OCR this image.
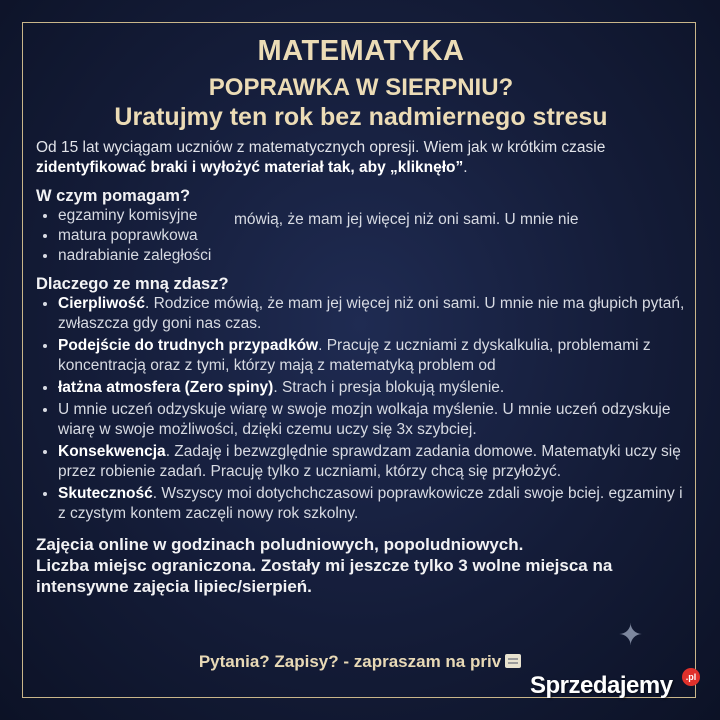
MATEMATYKA
POPRAWKA W SIERPNIU?
Uratujmy ten rok bez nadmiernego stresu

Od 15 lat wyciągam uczniów z matematycznych opresji. Wiem jak w krótkim czasie zidentyfikować braki i wyłożyć materiał tak, aby „kliknęło”.

W czym pomagam?

• egzaminy komisyjne
• matura poprawkowa
• nadrabianie zaległości
mówią, że mam jej więcej niż oni sami. U mnie nie

Dlaczego ze mną zdasz?

• Cierpliwość. Rodzice mówią, że mam jej więcej niż oni sami. U mnie nie ma głupich pytań, zwłaszcza gdy goni nas czas.
• Podejście do trudnych przypadków. Pracuję z uczniami z dyskalkulia, problemami z koncentracją oraz z tymi, którzy mają z matematyką problem od
• łatżna atmosfera (Zero spiny). Strach i presja blokują myślenie.
• U mnie uczeń odzyskuje wiarę w swoje mozjn wolkaja myślenie. U mnie uczeń odzyskuje wiarę w swoje możliwości, dzięki czemu uczy się 3x szybciej.
• Konsekwencja. Zadaję i bezwzględnie sprawdzam zadania domowe. Matematyki uczy się przez robienie zadań. Pracuję tylko z uczniami, którzy chcą się przyłożyć.
• Skuteczność. Wszyscy moi dotychchczasowi poprawkowicze zdali swoje bciej. egzaminy i z czystym kontem zaczęli nowy rok szkolny.

Zajęcia online w godzinach poludniowych, popoludniowych.
Liczba miejsc ograniczona. Zostały mi jeszcze tylko 3 wolne miejsca na intensywne zajęcia lipiec/sierpień.

✦
Pytania? Zapisy? - zapraszam na priv
Sprzedajemy	.pl
